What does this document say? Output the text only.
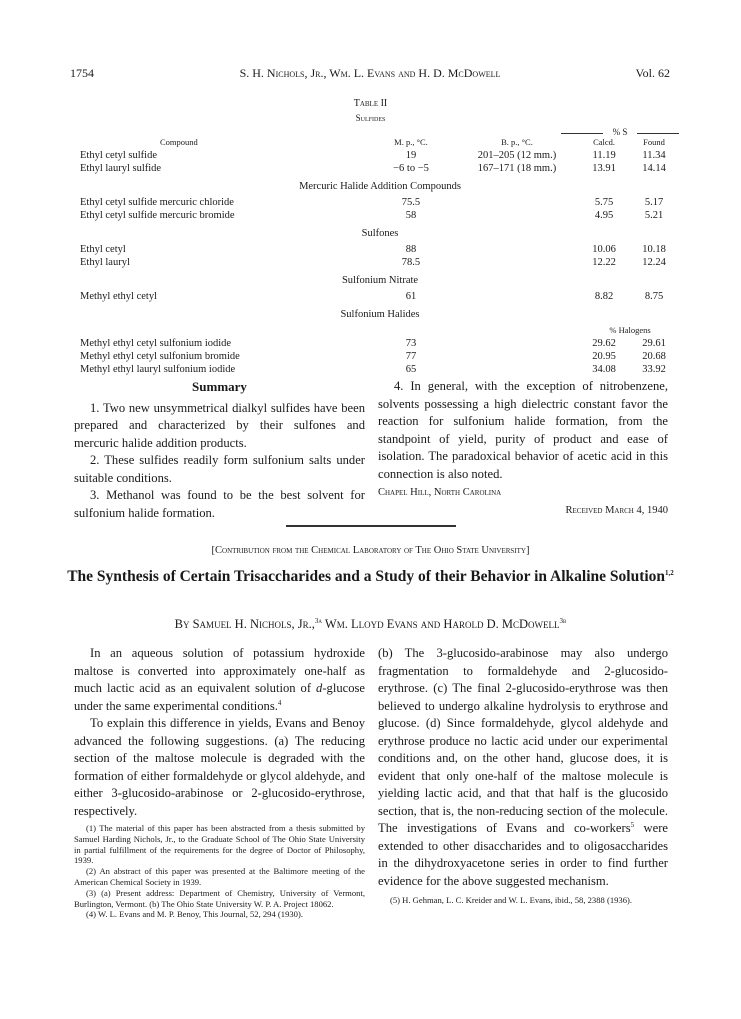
1754	S. H. Nichols, Jr., Wm. L. Evans and H. D. McDowell	Vol. 62
Table II
Sulfides
% S
Compound	M. p., °C.	B. p., °C.	Calcd.	Found
Ethyl cetyl sulfide	19	201–205 (12 mm.)	11.19	11.34
Ethyl lauryl sulfide	−6 to −5	167–171 (18 mm.)	13.91	14.14
Mercuric Halide Addition Compounds				
Ethyl cetyl sulfide mercuric chloride	75.5		5.75	5.17
Ethyl cetyl sulfide mercuric bromide	58		4.95	5.21
Sulfones				
Ethyl cetyl	88		10.06	10.18
Ethyl lauryl	78.5		12.22	12.24
Sulfonium Nitrate				
Methyl ethyl cetyl	61		8.82	8.75
Sulfonium Halides				
			% Halogens	
Methyl ethyl cetyl sulfonium iodide	73		29.62	29.61
Methyl ethyl cetyl sulfonium bromide	77		20.95	20.68
Methyl ethyl lauryl sulfonium iodide	65		34.08	33.92
Summary

1. Two new unsymmetrical dialkyl sulfides have been prepared and characterized by their sulfones and mercuric halide addition products.

2. These sulfides readily form sulfonium salts under suitable conditions.

3. Methanol was found to be the best solvent for sulfonium halide formation.

4. In general, with the exception of nitrobenzene, solvents possessing a high dielectric constant favor the reaction for sulfonium halide formation, from the standpoint of yield, purity of product and ease of isolation. The paradoxical behavior of acetic acid in this connection is also noted.

Chapel Hill, North Carolina
Received March 4, 1940
[Contribution from the Chemical Laboratory of The Ohio State University]
The Synthesis of Certain Trisaccharides and a Study of their Behavior in Alkaline Solution$^{1,2}$
By Samuel H. Nichols, Jr.,$^{3a}$ Wm. Lloyd Evans and Harold D. McDowell$^{3b}$

In an aqueous solution of potassium hydroxide maltose is converted into approximately one-half as much lactic acid as an equivalent solution of d-glucose under the same experimental conditions.$^4$

To explain this difference in yields, Evans and Benoy advanced the following suggestions. (a) The reducing section of the maltose molecule is degraded with the formation of either formaldehyde or glycol aldehyde, and either 3-glucosido-arabinose or 2-glucosido-erythrose, respectively.

(1) The material of this paper has been abstracted from a thesis submitted by Samuel Harding Nichols, Jr., to the Graduate School of The Ohio State University in partial fulfillment of the requirements for the degree of Doctor of Philosophy, 1939.

(2) An abstract of this paper was presented at the Baltimore meeting of the American Chemical Society in 1939.

(3) (a) Present address: Department of Chemistry, University of Vermont, Burlington, Vermont. (b) The Ohio State University W. P. A. Project 18062.

(4) W. L. Evans and M. P. Benoy, This Journal, 52, 294 (1930).

(b) The 3-glucosido-arabinose may also undergo fragmentation to formaldehyde and 2-glucosido-erythrose. (c) The final 2-glucosido-erythrose was then believed to undergo alkaline hydrolysis to erythrose and glucose. (d) Since formaldehyde, glycol aldehyde and erythrose produce no lactic acid under our experimental conditions and, on the other hand, glucose does, it is evident that only one-half of the maltose molecule is yielding lactic acid, and that that half is the glucosido section, that is, the non-reducing section of the molecule. The investigations of Evans and co-workers$^5$ were extended to other disaccharides and to oligosaccharides in the dihydroxyacetone series in order to find further evidence for the above suggested mechanism.

(5) H. Gehman, L. C. Kreider and W. L. Evans, ibid., 58, 2388 (1936).
